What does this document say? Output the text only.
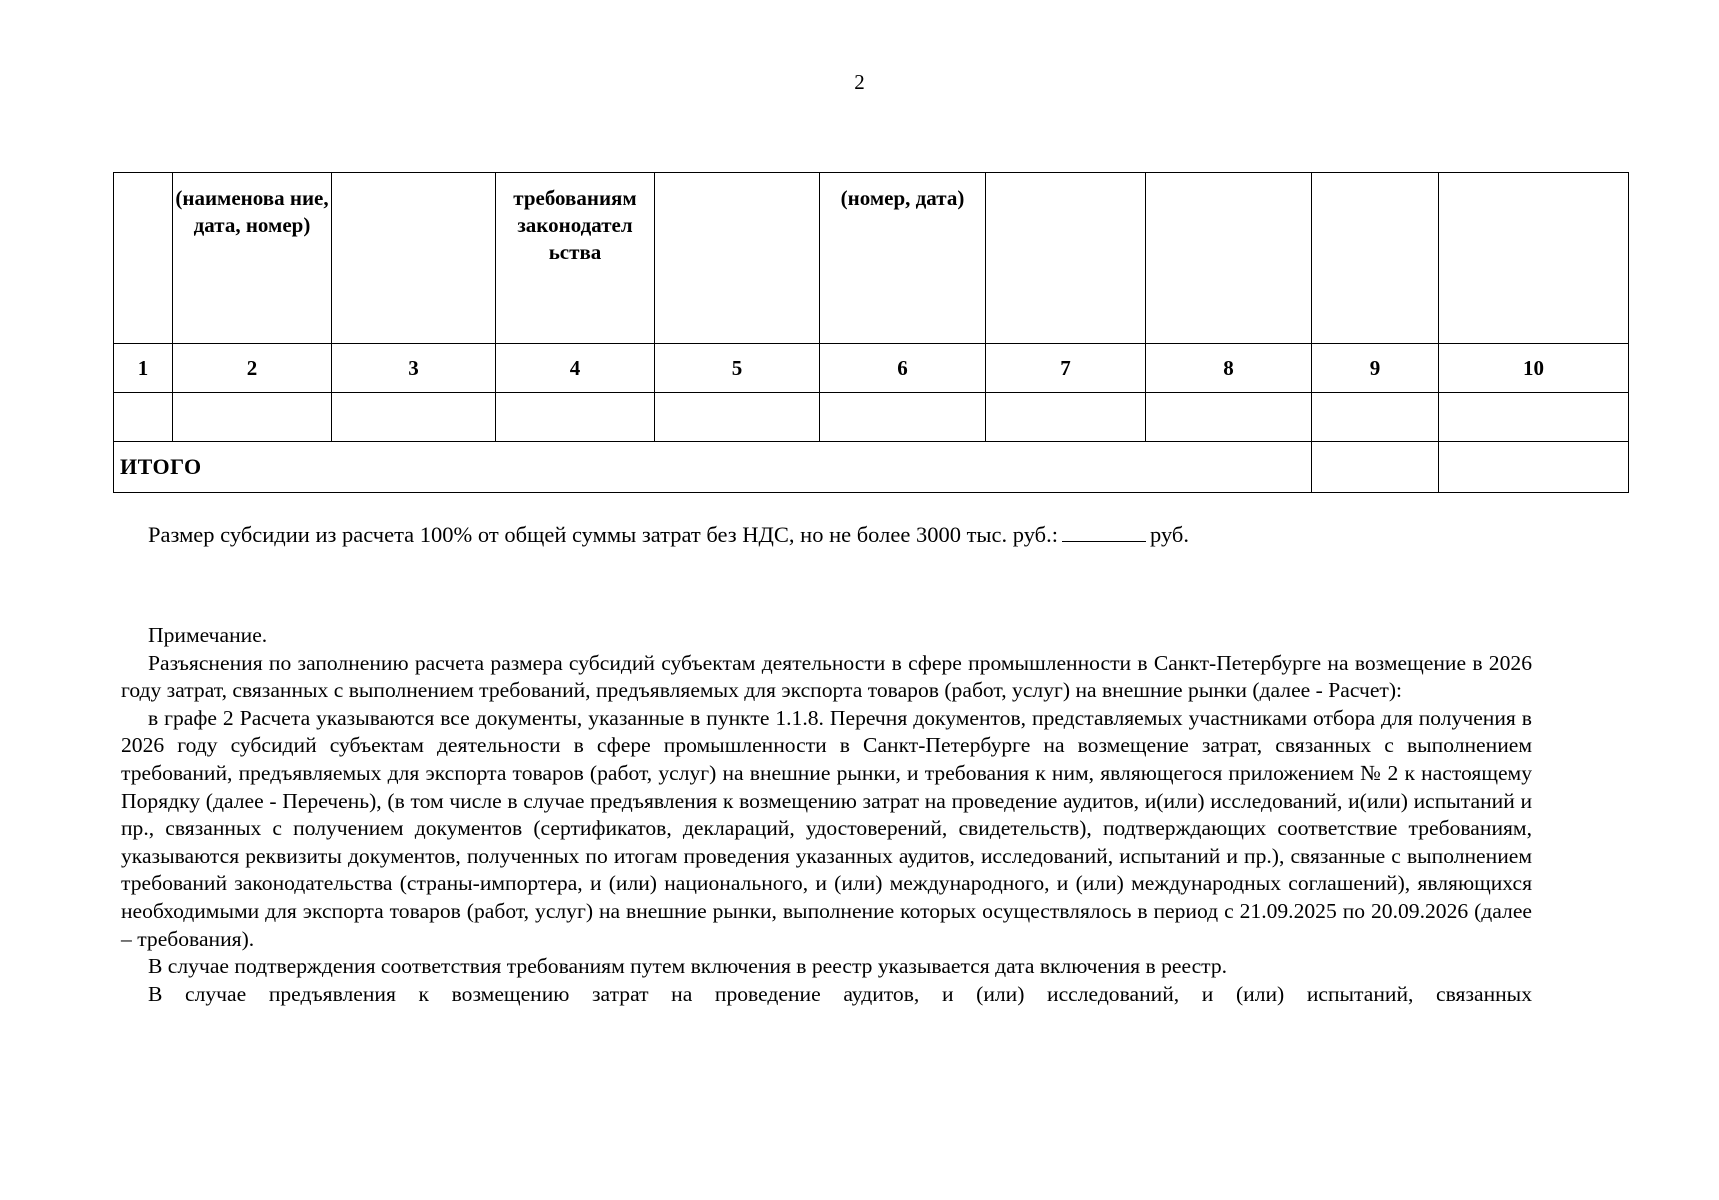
2
	(наименова ние, дата, номер)		требованиям законодател ьства		(номер, дата)				
1	2	3	4	5	6	7	8	9	10

ИТОГО									
Размер субсидии из расчета 100% от общей суммы затрат без НДС, но не более 3000 тыс. руб.:	руб.

Примечание.

Разъяснения по заполнению расчета размера субсидий субъектам деятельности в сфере промышленности в Санкт-Петербурге на возмещение в 2026 году затрат, связанных с выполнением требований, предъявляемых для экспорта товаров (работ, услуг) на внешние рынки (далее - Расчет):

в графе 2 Расчета указываются все документы, указанные в пункте 1.1.8. Перечня документов, представляемых участниками отбора для получения в 2026 году субсидий субъектам деятельности в сфере промышленности в Санкт-Петербурге на возмещение затрат, связанных с выполнением требований, предъявляемых для экспорта товаров (работ, услуг) на внешние рынки, и требования к ним, являющегося приложением № 2 к настоящему Порядку (далее - Перечень), (в том числе в случае предъявления к возмещению затрат на проведение аудитов, и(или) исследований, и(или) испытаний и пр., связанных с получением документов (сертификатов, деклараций, удостоверений, свидетельств), подтверждающих соответствие требованиям, указываются реквизиты документов, полученных по итогам проведения указанных аудитов, исследований, испытаний и пр.), связанные с выполнением требований законодательства (страны-импортера, и (или) национального, и (или) международного, и (или) международных соглашений), являющихся необходимыми для экспорта товаров (работ, услуг) на внешние рынки, выполнение которых осуществлялось в период с 21.09.2025 по 20.09.2026 (далее – требования).

В случае подтверждения соответствия требованиям путем включения в реестр указывается дата включения в реестр.

В случае предъявления к возмещению затрат на проведение аудитов, и (или) исследований, и (или) испытаний, связанных
